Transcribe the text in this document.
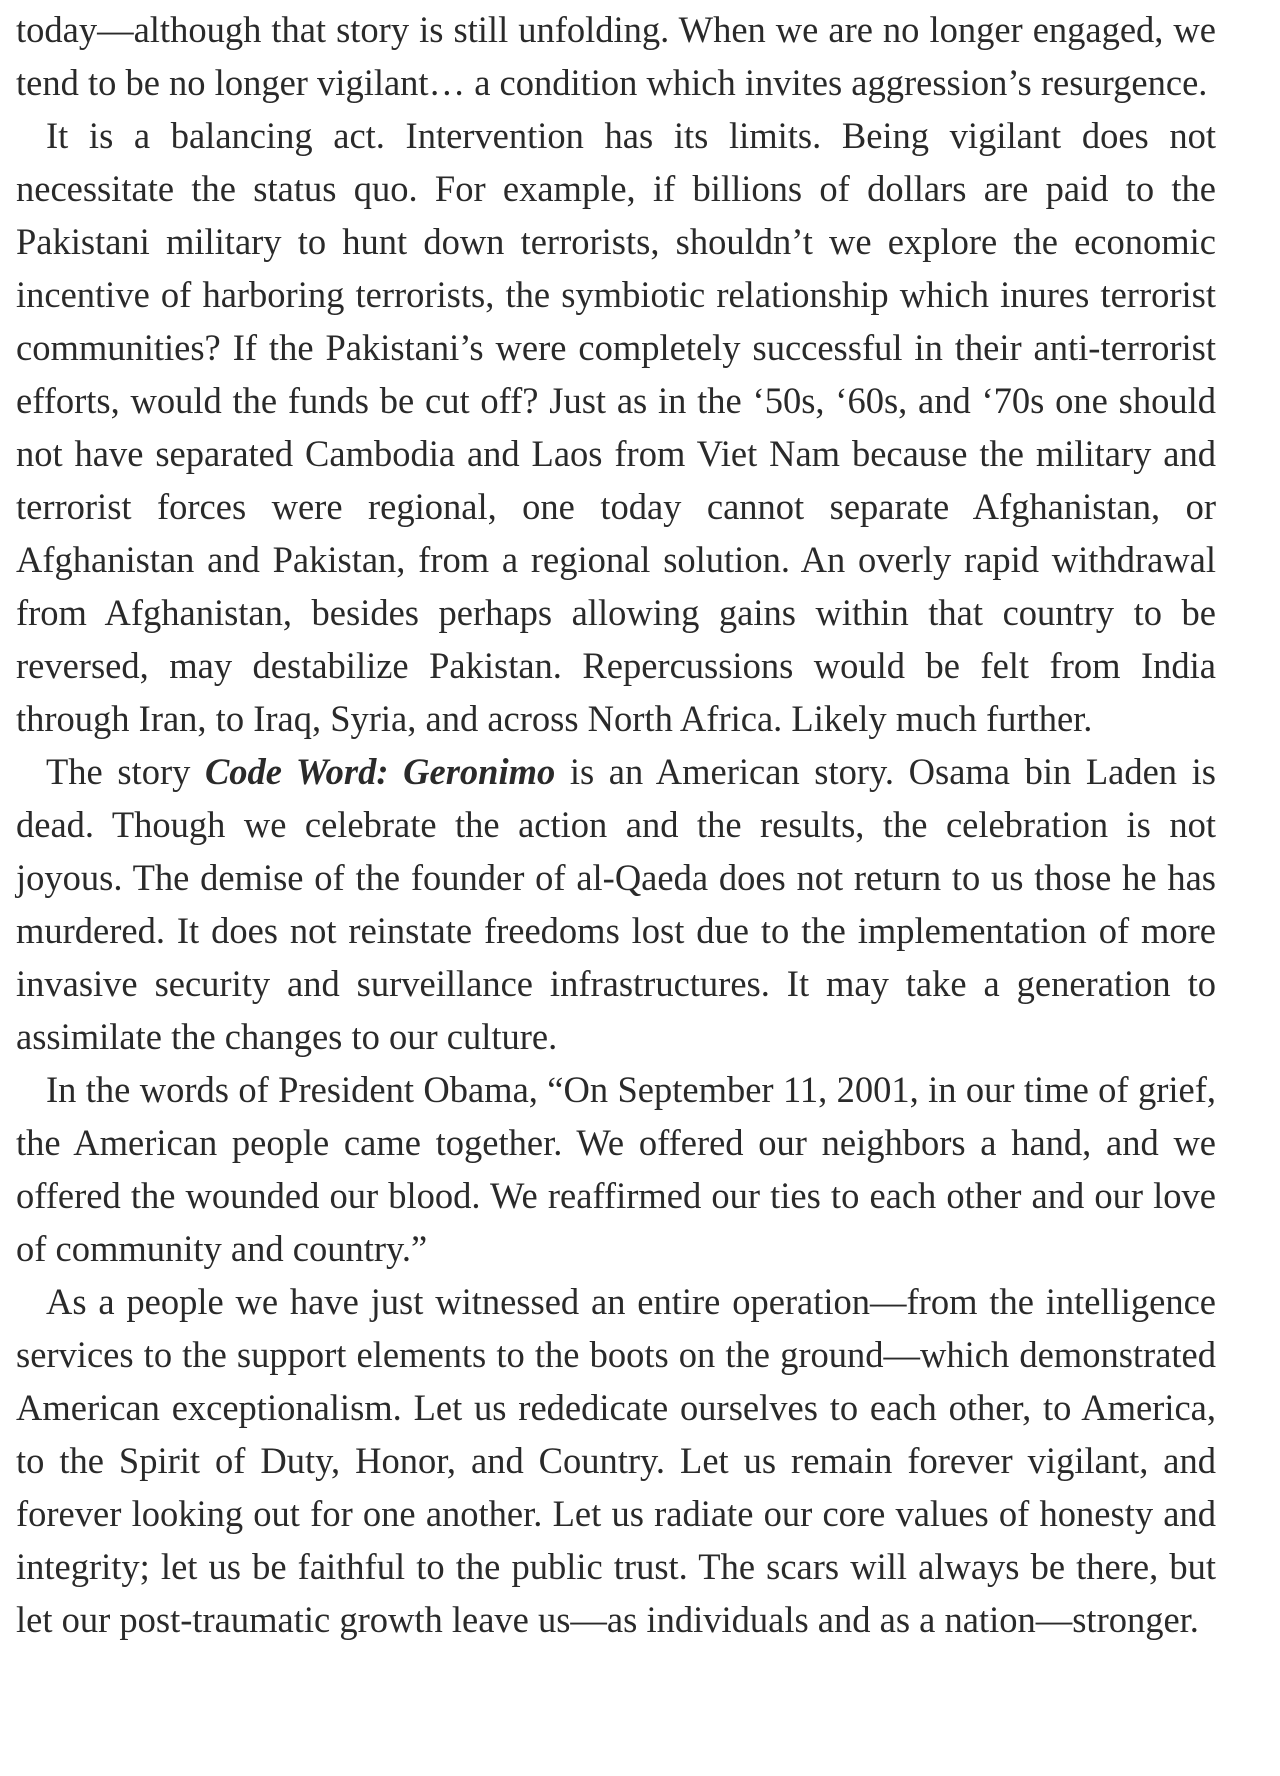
today—although that story is still unfolding. When we are no longer engaged, we tend to be no longer vigilant… a condition which invites aggression’s resurgence.

It is a balancing act. Intervention has its limits. Being vigilant does not necessitate the status quo. For example, if billions of dollars are paid to the Pakistani military to hunt down terrorists, shouldn’t we explore the economic incentive of harboring terrorists, the symbiotic relationship which inures terrorist communities? If the Pakistani’s were completely successful in their anti-terrorist efforts, would the funds be cut off? Just as in the ‘50s, ‘60s, and ‘70s one should not have separated Cambodia and Laos from Viet Nam because the military and terrorist forces were regional, one today cannot separate Afghanistan, or Afghanistan and Pakistan, from a regional solution. An overly rapid withdrawal from Afghanistan, besides perhaps allowing gains within that country to be reversed, may destabilize Pakistan. Repercussions would be felt from India through Iran, to Iraq, Syria, and across North Africa. Likely much further.

The story Code Word: Geronimo is an American story. Osama bin Laden is dead. Though we celebrate the action and the results, the celebration is not joyous. The demise of the founder of al-Qaeda does not return to us those he has murdered. It does not reinstate freedoms lost due to the implementation of more invasive security and surveillance infrastructures. It may take a generation to assimilate the changes to our culture.

In the words of President Obama, “On September 11, 2001, in our time of grief, the American people came together. We offered our neighbors a hand, and we offered the wounded our blood. We reaffirmed our ties to each other and our love of community and country.”

As a people we have just witnessed an entire operation—from the intelligence services to the support elements to the boots on the ground—which demonstrated American exceptionalism. Let us rededicate ourselves to each other, to America, to the Spirit of Duty, Honor, and Country. Let us remain forever vigilant, and forever looking out for one another. Let us radiate our core values of honesty and integrity; let us be faithful to the public trust. The scars will always be there, but let our post-traumatic growth leave us—as individuals and as a nation—stronger.
